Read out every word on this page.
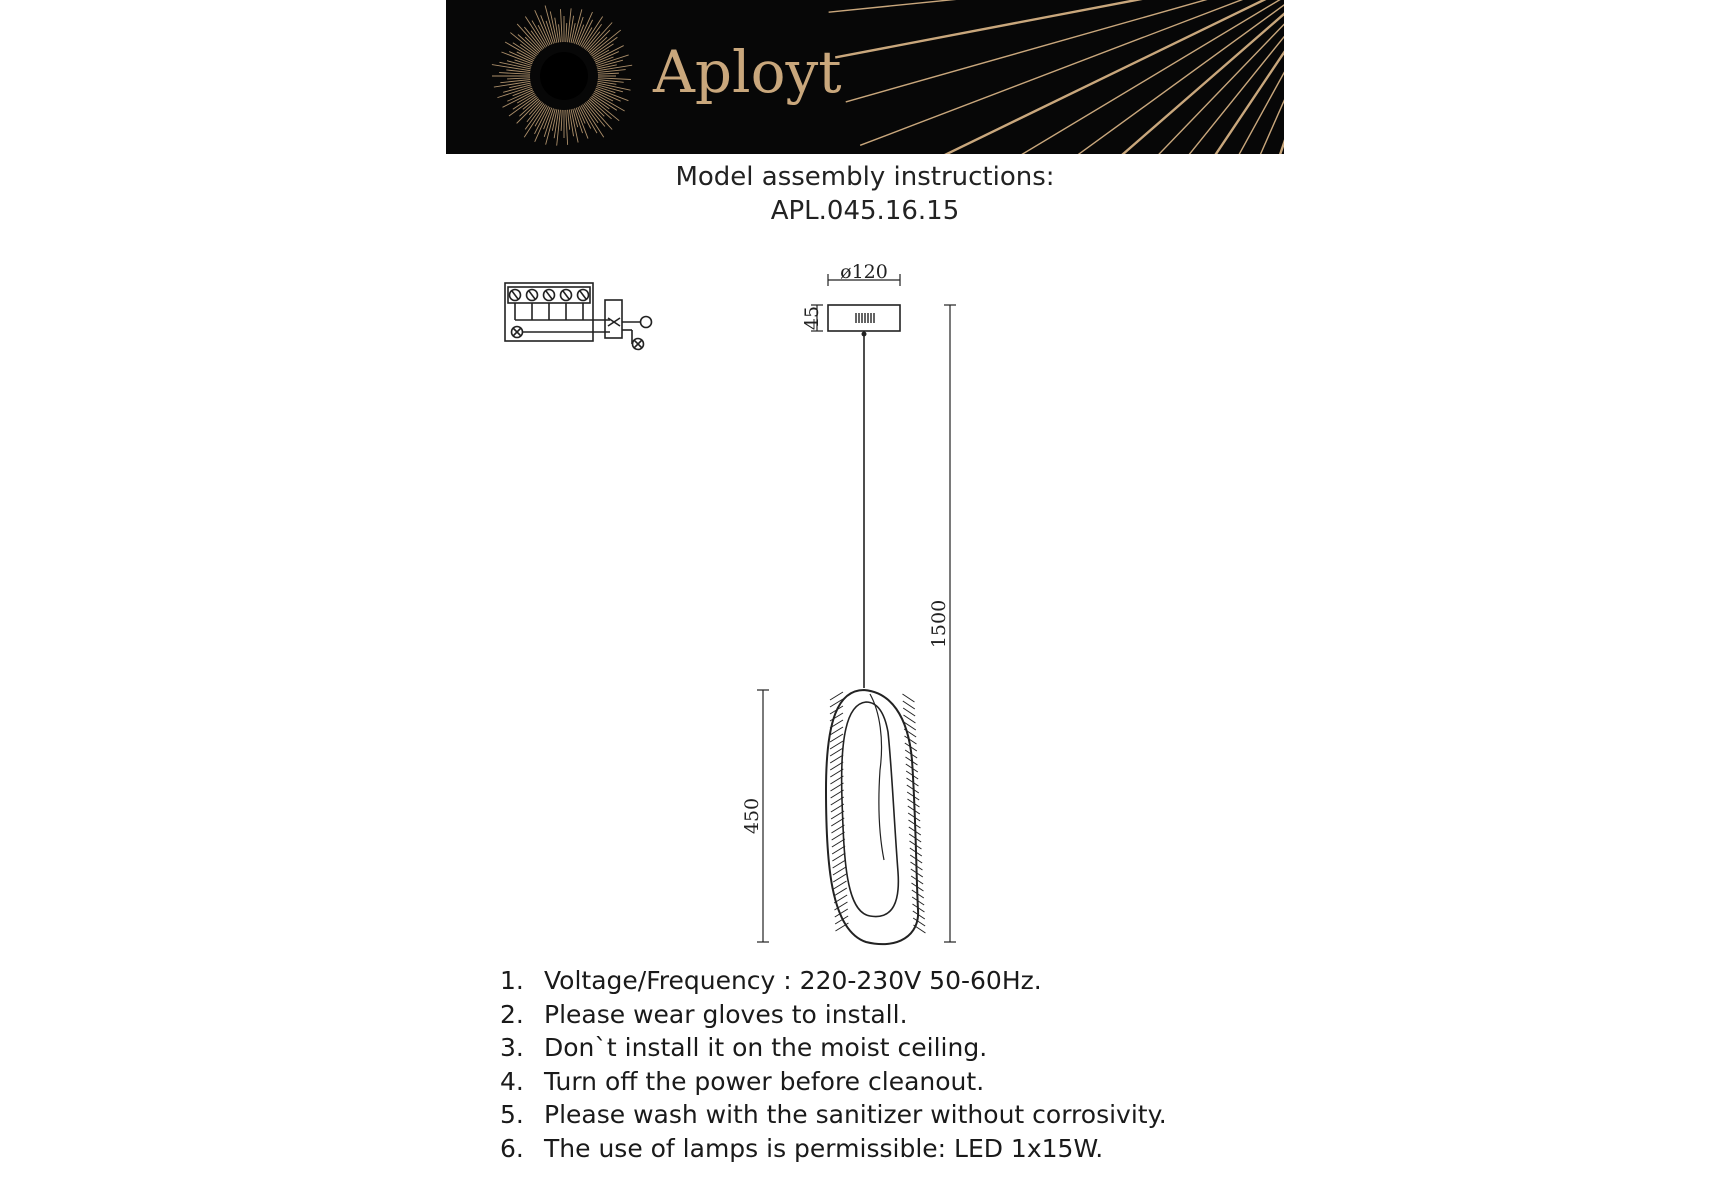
Aployt
Model assembly instructions:
APL.045.16.15
ø120
45
1500
450
1. Voltage/Frequency : 220-230V 50-60Hz.
2. Please wear gloves to install.
3. Don`t install it on the moist ceiling.
4. Turn off the power before cleanout.
5. Please wash with the sanitizer without corrosivity.
6. The use of lamps is permissible: LED 1x15W.
